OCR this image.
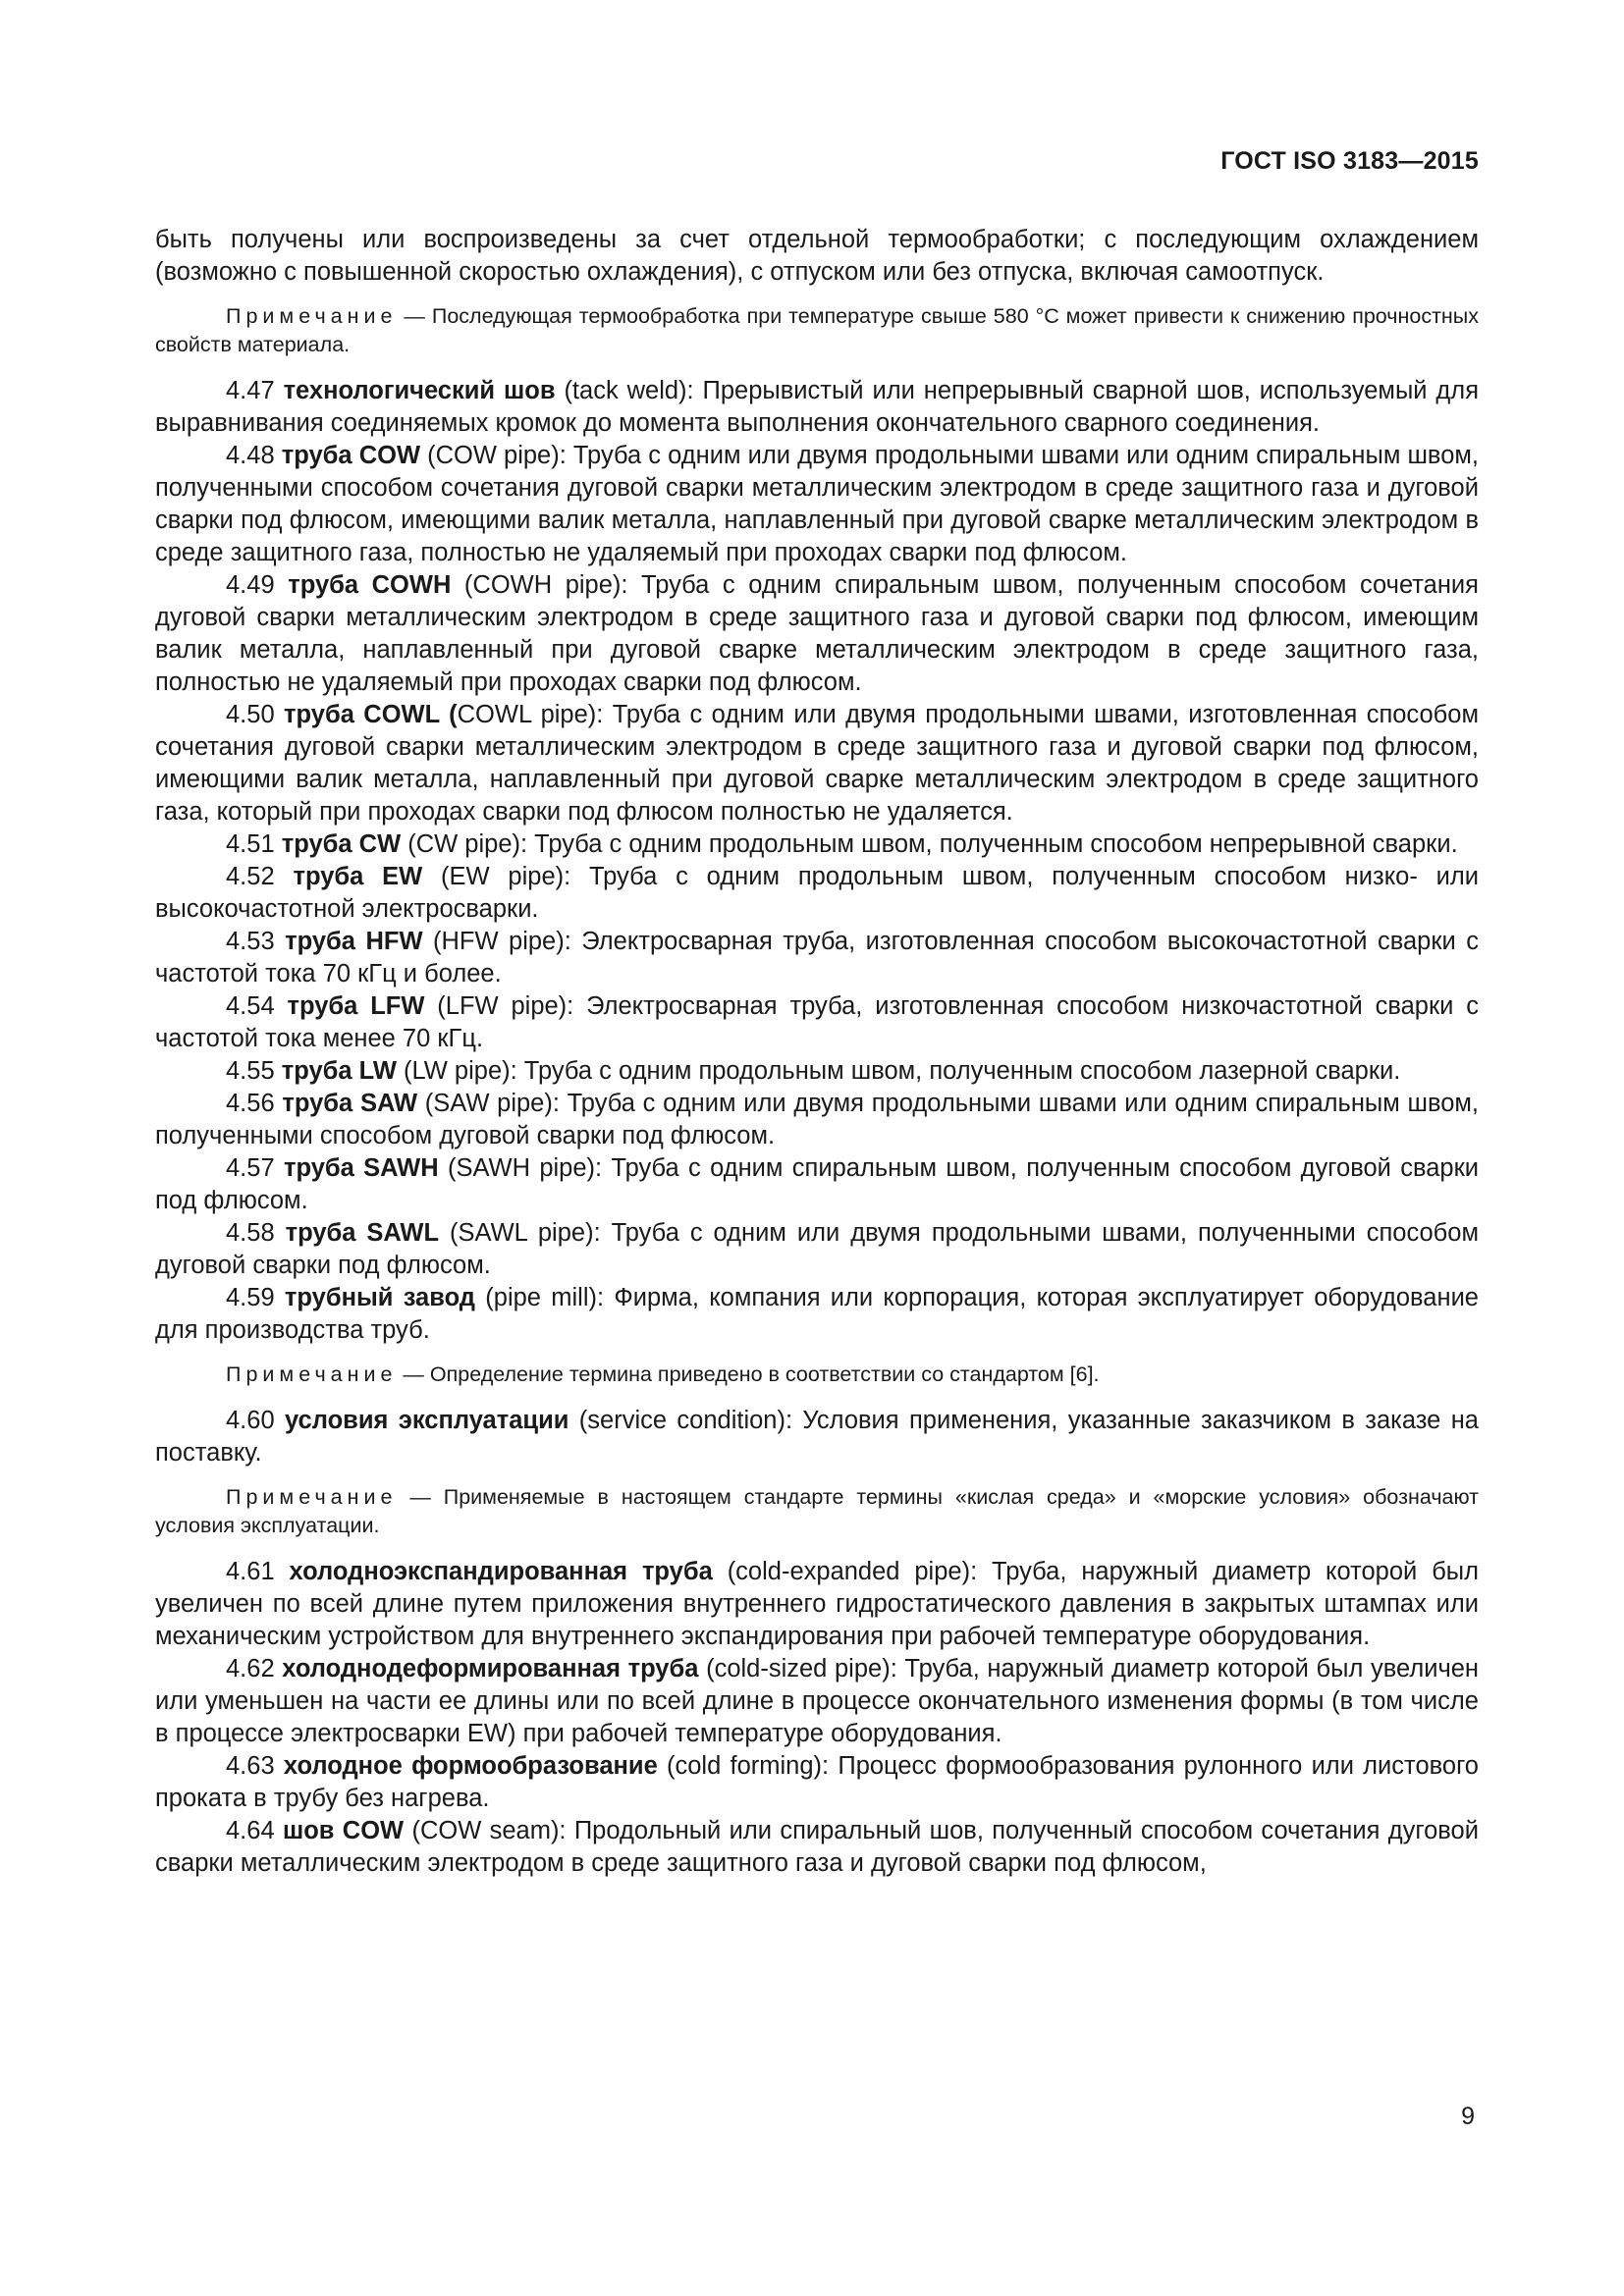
ГОСТ ISO 3183—2015

быть получены или воспроизведены за счет отдельной термообработки; с последующим охлаждением (возможно с повышенной скоростью охлаждения), с отпуском или без отпуска, включая самоотпуск.

Примечание — Последующая термообработка при температуре свыше 580 °С может привести к снижению прочностных свойств материала.

4.47 технологический шов (tack weld): Прерывистый или непрерывный сварной шов, используемый для выравнивания соединяемых кромок до момента выполнения окончательного сварного соединения.

4.48 труба COW (COW pipe): Труба с одним или двумя продольными швами или одним спиральным швом, полученными способом сочетания дуговой сварки металлическим электродом в среде защитного газа и дуговой сварки под флюсом, имеющими валик металла, наплавленный при дуговой сварке металлическим электродом в среде защитного газа, полностью не удаляемый при проходах сварки под флюсом.

4.49 труба COWH (COWH pipe): Труба с одним спиральным швом, полученным способом сочетания дуговой сварки металлическим электродом в среде защитного газа и дуговой сварки под флюсом, имеющим валик металла, наплавленный при дуговой сварке металлическим электродом в среде защитного газа, полностью не удаляемый при проходах сварки под флюсом.

4.50 труба COWL (COWL pipe): Труба с одним или двумя продольными швами, изготовленная способом сочетания дуговой сварки металлическим электродом в среде защитного газа и дуговой сварки под флюсом, имеющими валик металла, наплавленный при дуговой сварке металлическим электродом в среде защитного газа, который при проходах сварки под флюсом полностью не удаляется.

4.51 труба CW (CW pipe): Труба с одним продольным швом, полученным способом непрерывной сварки.

4.52 труба EW (EW pipe): Труба с одним продольным швом, полученным способом низко- или высокочастотной электросварки.

4.53 труба HFW (HFW pipe): Электросварная труба, изготовленная способом высокочастотной сварки с частотой тока 70 кГц и более.

4.54 труба LFW (LFW pipe): Электросварная труба, изготовленная способом низкочастотной сварки с частотой тока менее 70 кГц.

4.55 труба LW (LW pipe): Труба с одним продольным швом, полученным способом лазерной сварки.

4.56 труба SAW (SAW pipe): Труба с одним или двумя продольными швами или одним спиральным швом, полученными способом дуговой сварки под флюсом.

4.57 труба SAWH (SAWH pipe): Труба с одним спиральным швом, полученным способом дуговой сварки под флюсом.

4.58 труба SAWL (SAWL pipe): Труба с одним или двумя продольными швами, полученными способом дуговой сварки под флюсом.

4.59 трубный завод (pipe mill): Фирма, компания или корпорация, которая эксплуатирует оборудование для производства труб.

Примечание — Определение термина приведено в соответствии со стандартом [6].

4.60 условия эксплуатации (service condition): Условия применения, указанные заказчиком в заказе на поставку.

Примечание — Применяемые в настоящем стандарте термины «кислая среда» и «морские условия» обозначают условия эксплуатации.

4.61 холодноэкспандированная труба (cold-expanded pipe): Труба, наружный диаметр которой был увеличен по всей длине путем приложения внутреннего гидростатического давления в закрытых штампах или механическим устройством для внутреннего экспандирования при рабочей температуре оборудования.

4.62 холоднодеформированная труба (cold-sized pipe): Труба, наружный диаметр которой был увеличен или уменьшен на части ее длины или по всей длине в процессе окончательного изменения формы (в том числе в процессе электросварки EW) при рабочей температуре оборудования.

4.63 холодное формообразование (cold forming): Процесс формообразования рулонного или листового проката в трубу без нагрева.

4.64 шов COW (COW seam): Продольный или спиральный шов, полученный способом сочетания дуговой сварки металлическим электродом в среде защитного газа и дуговой сварки под флюсом,

9
